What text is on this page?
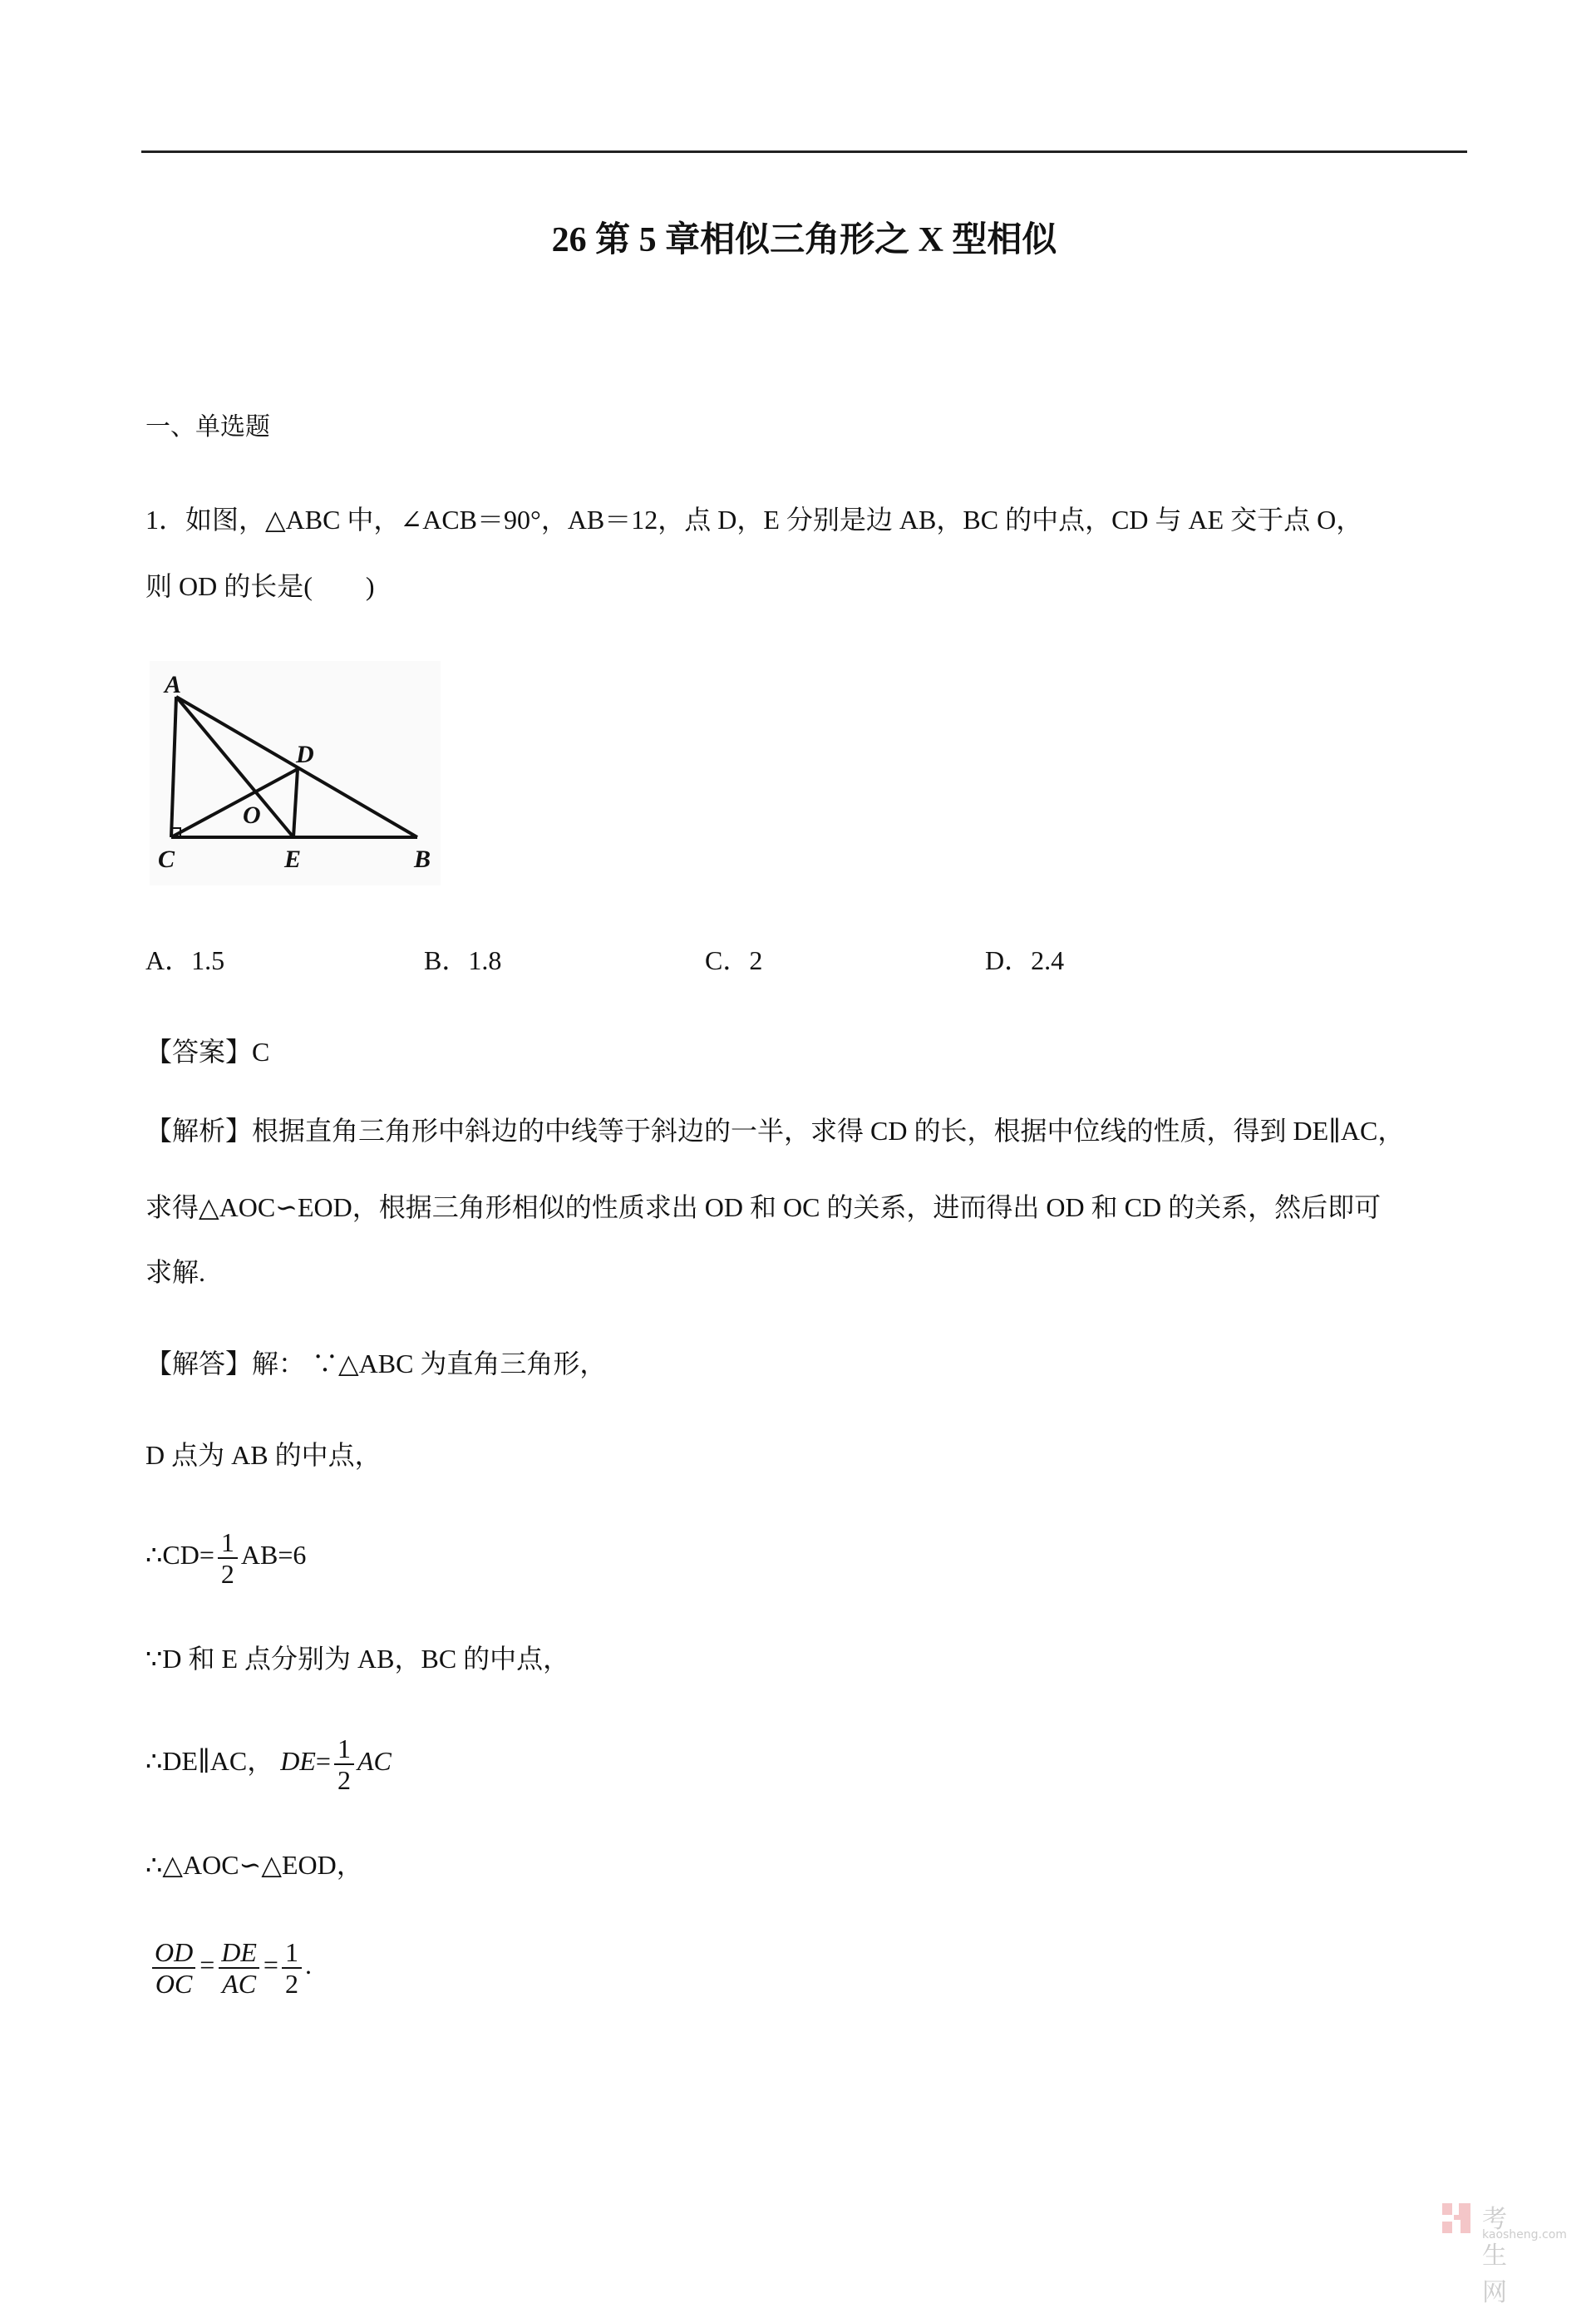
26 第 5 章相似三角形之 X 型相似
一、单选题
1．如图，△ABC 中，∠ACB＝90°，AB＝12，点 D，E 分别是边 AB，BC 的中点，CD 与 AE 交于点 O，
则 OD 的长是(　　)
A
D
O
C	E	B
A．1.5	B．1.8	C．2	D．2.4
【答案】C
【解析】根据直角三角形中斜边的中线等于斜边的一半，求得 CD 的长，根据中位线的性质，得到 DE∥AC，
求得△AOC∽EOD，根据三角形相似的性质求出 OD 和 OC 的关系，进而得出 OD 和 CD 的关系，然后即可
求解.
【解答】解： ∵△ABC 为直角三角形，
D 点为 AB 的中点，
∴CD= $\frac{1}{2} AB=6$
∵D 和 E 点分别为 AB，BC 的中点，
∴DE∥AC， $DE= \frac{1}{2}$ AC
∴△AOC∽△EOD，
$\frac{OD}{OC} = \frac{DE}{AC} = \frac{1}{2}$ .
考生网
kaosheng.com
